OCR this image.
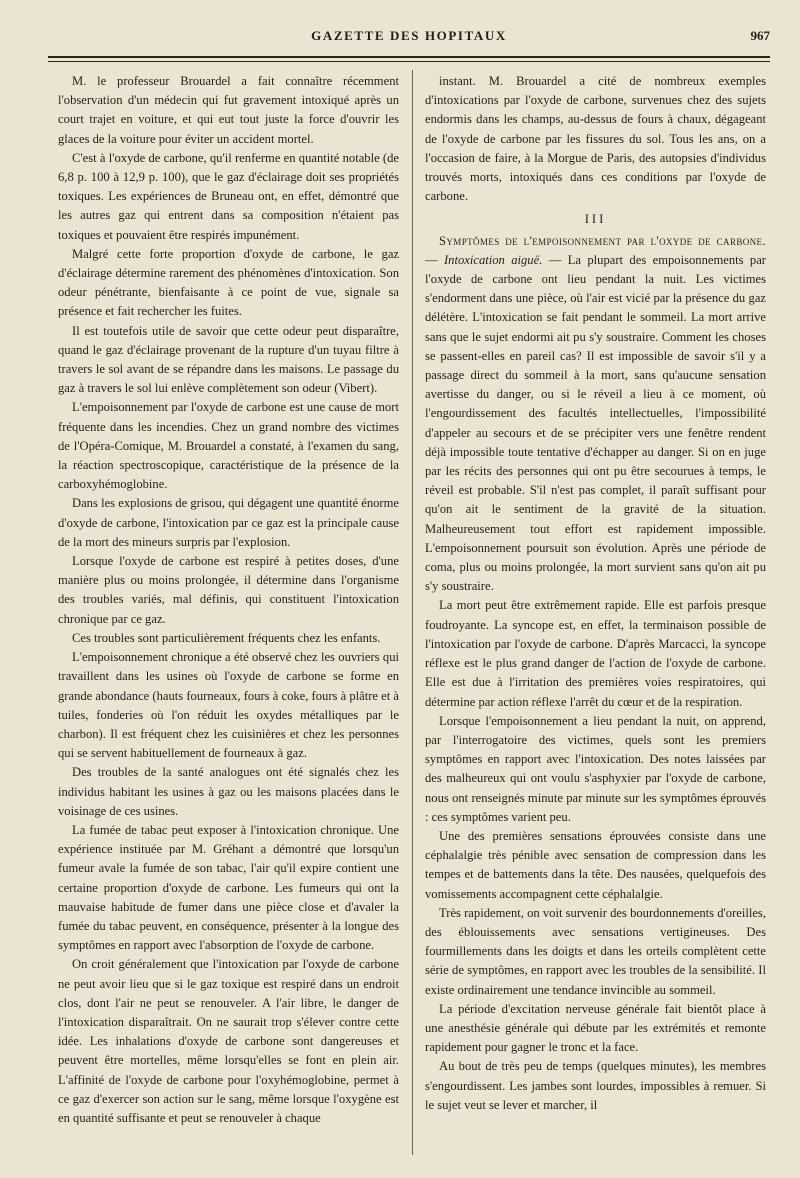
GAZETTE DES HOPITAUX	967

M. le professeur Brouardel a fait connaître récemment l'observation d'un médecin qui fut gravement intoxiqué après un court trajet en voiture, et qui eut tout juste la force d'ouvrir les glaces de la voiture pour éviter un accident mortel.

C'est à l'oxyde de carbone, qu'il renferme en quantité notable (de 6,8 p. 100 à 12,9 p. 100), que le gaz d'éclairage doit ses propriétés toxiques. Les expériences de Bruneau ont, en effet, démontré que les autres gaz qui entrent dans sa composition n'étaient pas toxiques et pouvaient être respirés impunément.

Malgré cette forte proportion d'oxyde de carbone, le gaz d'éclairage détermine rarement des phénomènes d'intoxication. Son odeur pénétrante, bienfaisante à ce point de vue, signale sa présence et fait rechercher les fuites.

Il est toutefois utile de savoir que cette odeur peut disparaître, quand le gaz d'éclairage provenant de la rupture d'un tuyau filtre à travers le sol avant de se répandre dans les maisons. Le passage du gaz à travers le sol lui enlève complètement son odeur (Vibert).

L'empoisonnement par l'oxyde de carbone est une cause de mort fréquente dans les incendies. Chez un grand nombre des victimes de l'Opéra-Comique, M. Brouardel a constaté, à l'examen du sang, la réaction spectroscopique, caractéristique de la présence de la carboxyhémoglobine.

Dans les explosions de grisou, qui dégagent une quantité énorme d'oxyde de carbone, l'intoxication par ce gaz est la principale cause de la mort des mineurs surpris par l'explosion.

Lorsque l'oxyde de carbone est respiré à petites doses, d'une manière plus ou moins prolongée, il détermine dans l'organisme des troubles variés, mal définis, qui constituent l'intoxication chronique par ce gaz.

Ces troubles sont particulièrement fréquents chez les enfants.

L'empoisonnement chronique a été observé chez les ouvriers qui travaillent dans les usines où l'oxyde de carbone se forme en grande abondance (hauts fourneaux, fours à coke, fours à plâtre et à tuiles, fonderies où l'on réduit les oxydes métalliques par le charbon). Il est fréquent chez les cuisinières et chez les personnes qui se servent habituellement de fourneaux à gaz.

Des troubles de la santé analogues ont été signalés chez les individus habitant les usines à gaz ou les maisons placées dans le voisinage de ces usines.

La fumée de tabac peut exposer à l'intoxication chronique. Une expérience instituée par M. Gréhant a démontré que lorsqu'un fumeur avale la fumée de son tabac, l'air qu'il expire contient une certaine proportion d'oxyde de carbone. Les fumeurs qui ont la mauvaise habitude de fumer dans une pièce close et d'avaler la fumée du tabac peuvent, en conséquence, présenter à la longue des symptômes en rapport avec l'absorption de l'oxyde de carbone.

On croit généralement que l'intoxication par l'oxyde de carbone ne peut avoir lieu que si le gaz toxique est respiré dans un endroit clos, dont l'air ne peut se renouveler. A l'air libre, le danger de l'intoxication disparaîtrait. On ne saurait trop s'élever contre cette idée. Les inhalations d'oxyde de carbone sont dangereuses et peuvent être mortelles, même lorsqu'elles se font en plein air. L'affinité de l'oxyde de carbone pour l'oxyhémoglobine, permet à ce gaz d'exercer son action sur le sang, même lorsque l'oxygène est en quantité suffisante et peut se renouveler à chaque

instant. M. Brouardel a cité de nombreux exemples d'intoxications par l'oxyde de carbone, survenues chez des sujets endormis dans les champs, au-dessus de fours à chaux, dégageant de l'oxyde de carbone par les fissures du sol. Tous les ans, on a l'occasion de faire, à la Morgue de Paris, des autopsies d'individus trouvés morts, intoxiqués dans ces conditions par l'oxyde de carbone.

III

Symptômes de l'empoisonnement par l'oxyde de carbone. — Intoxication aiguë. — La plupart des empoisonnements par l'oxyde de carbone ont lieu pendant la nuit. Les victimes s'endorment dans une pièce, où l'air est vicié par la présence du gaz délétère. L'intoxication se fait pendant le sommeil. La mort arrive sans que le sujet endormi ait pu s'y soustraire. Comment les choses se passent-elles en pareil cas? Il est impossible de savoir s'il y a passage direct du sommeil à la mort, sans qu'aucune sensation avertisse du danger, ou si le réveil a lieu à ce moment, où l'engourdissement des facultés intellectuelles, l'impossibilité d'appeler au secours et de se précipiter vers une fenêtre rendent déjà impossible toute tentative d'échapper au danger. Si on en juge par les récits des personnes qui ont pu être secourues à temps, le réveil est probable. S'il n'est pas complet, il paraît suffisant pour qu'on ait le sentiment de la gravité de la situation. Malheureusement tout effort est rapidement impossible. L'empoisonnement poursuit son évolution. Après une période de coma, plus ou moins prolongée, la mort survient sans qu'on ait pu s'y soustraire.

La mort peut être extrêmement rapide. Elle est parfois presque foudroyante. La syncope est, en effet, la terminaison possible de l'intoxication par l'oxyde de carbone. D'après Marcacci, la syncope réflexe est le plus grand danger de l'action de l'oxyde de carbone. Elle est due à l'irritation des premières voies respiratoires, qui détermine par action réflexe l'arrêt du cœur et de la respiration.

Lorsque l'empoisonnement a lieu pendant la nuit, on apprend, par l'interrogatoire des victimes, quels sont les premiers symptômes en rapport avec l'intoxication. Des notes laissées par des malheureux qui ont voulu s'asphyxier par l'oxyde de carbone, nous ont renseignés minute par minute sur les symptômes éprouvés : ces symptômes varient peu.

Une des premières sensations éprouvées consiste dans une céphalalgie très pénible avec sensation de compression dans les tempes et de battements dans la tête. Des nausées, quelquefois des vomissements accompagnent cette céphalalgie.

Très rapidement, on voit survenir des bourdonnements d'oreilles, des éblouissements avec sensations vertigineuses. Des fourmillements dans les doigts et dans les orteils complètent cette série de symptômes, en rapport avec les troubles de la sensibilité. Il existe ordinairement une tendance invincible au sommeil.

La période d'excitation nerveuse générale fait bientôt place à une anesthésie générale qui débute par les extrémités et remonte rapidement pour gagner le tronc et la face.

Au bout de très peu de temps (quelques minutes), les membres s'engourdissent. Les jambes sont lourdes, impossibles à remuer. Si le sujet veut se lever et marcher, il
